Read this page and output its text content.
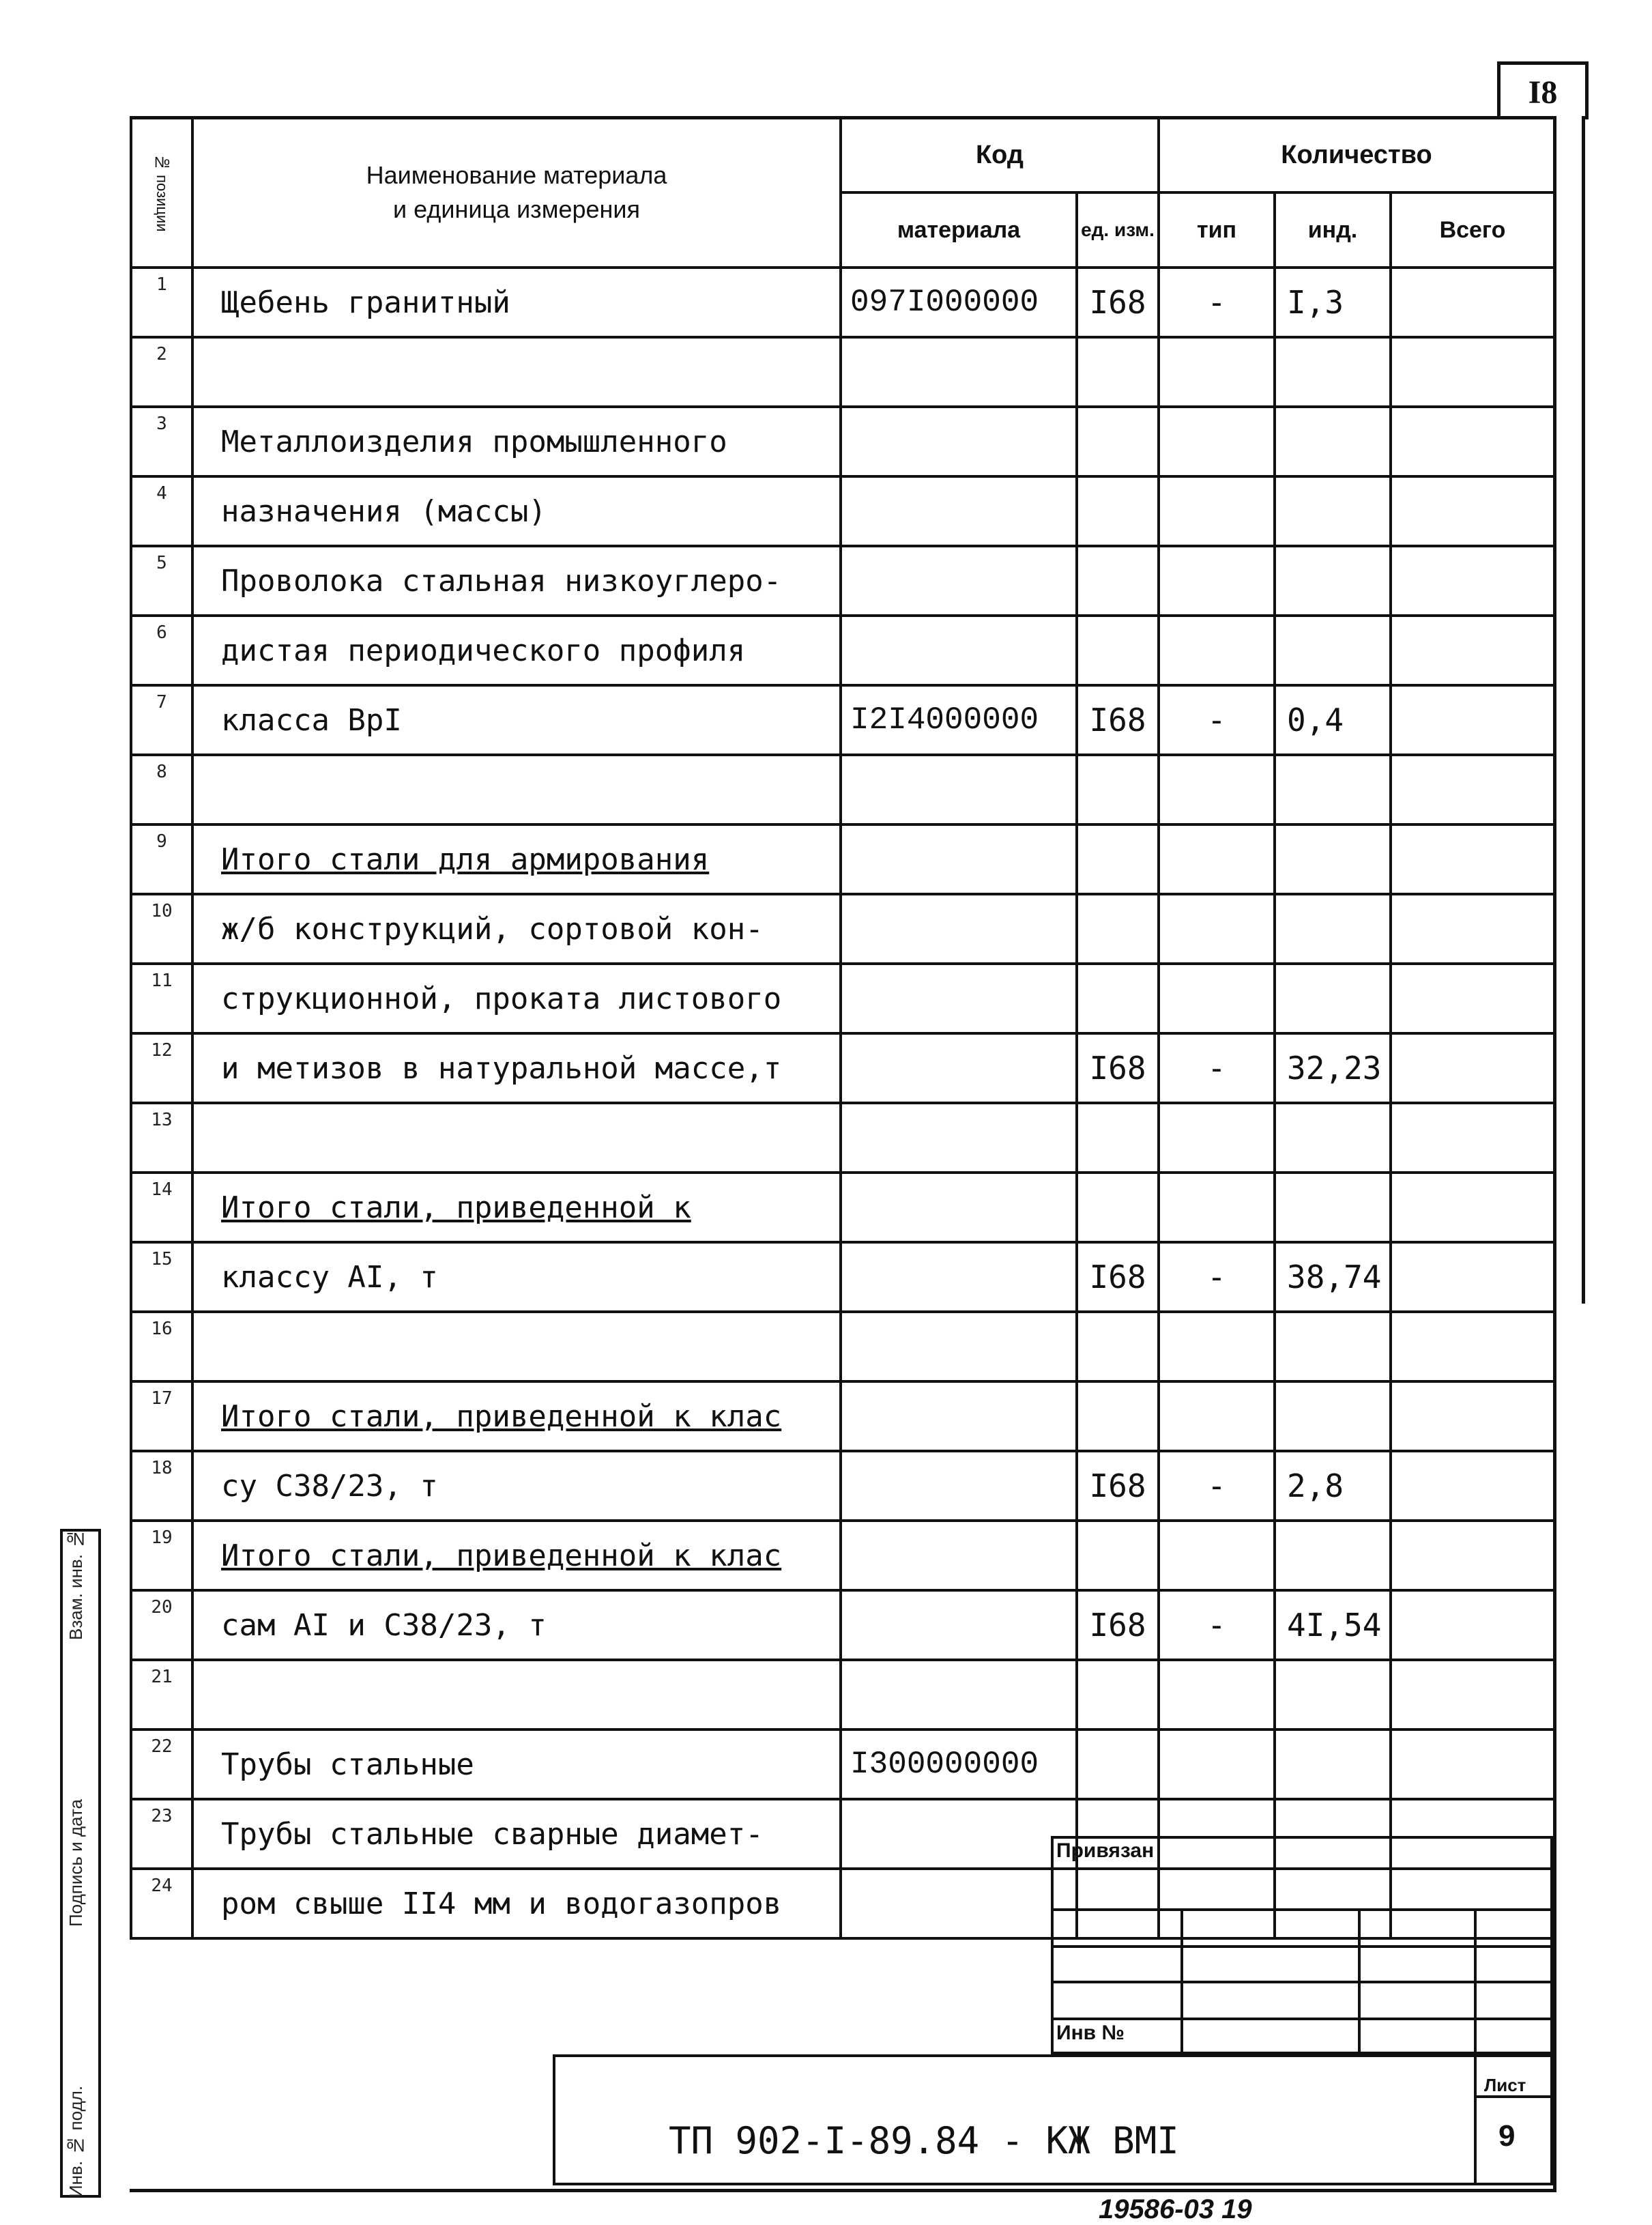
I8
№ позиции	Наименование материала
и единица измерения	Код		Количество		
		материала	ед. изм.	тип	инд.	Всего
1	Щебень гранитный	097I000000	I68	-	I,3	
2						
3	Металлоизделия промышленного					
4	назначения (массы)					
5	Проволока стальная низкоуглеро-					
6	дистая периодического профиля					
7	класса ВрI	I2I4000000	I68	-	0,4	
8						
9	Итого стали для армирования					
10	ж/б конструкций, сортовой кон-					
11	струкционной, проката листового					
12	и метизов в натуральной массе,т		I68	-	32,23	
13						
14	Итого стали, приведенной к					
15	классу АI, т		I68	-	38,74	
16						
17	Итого стали, приведенной к клас					
18	су С38/23, т		I68	-	2,8	
19	Итого стали, приведенной к клас					
20	сам АI и С38/23, т		I68	-	4I,54	
21						
22	Трубы стальные	I300000000				
23	Трубы стальные сварные диамет-					
24	ром свыше II4 мм и водогазопров					
Привязан
Инв №
ТП 902-I-89.84 - КЖ ВМI
Лист
9
Инв. № подл.
Подпись и дата
Взам. инв. №
19586-03 19
